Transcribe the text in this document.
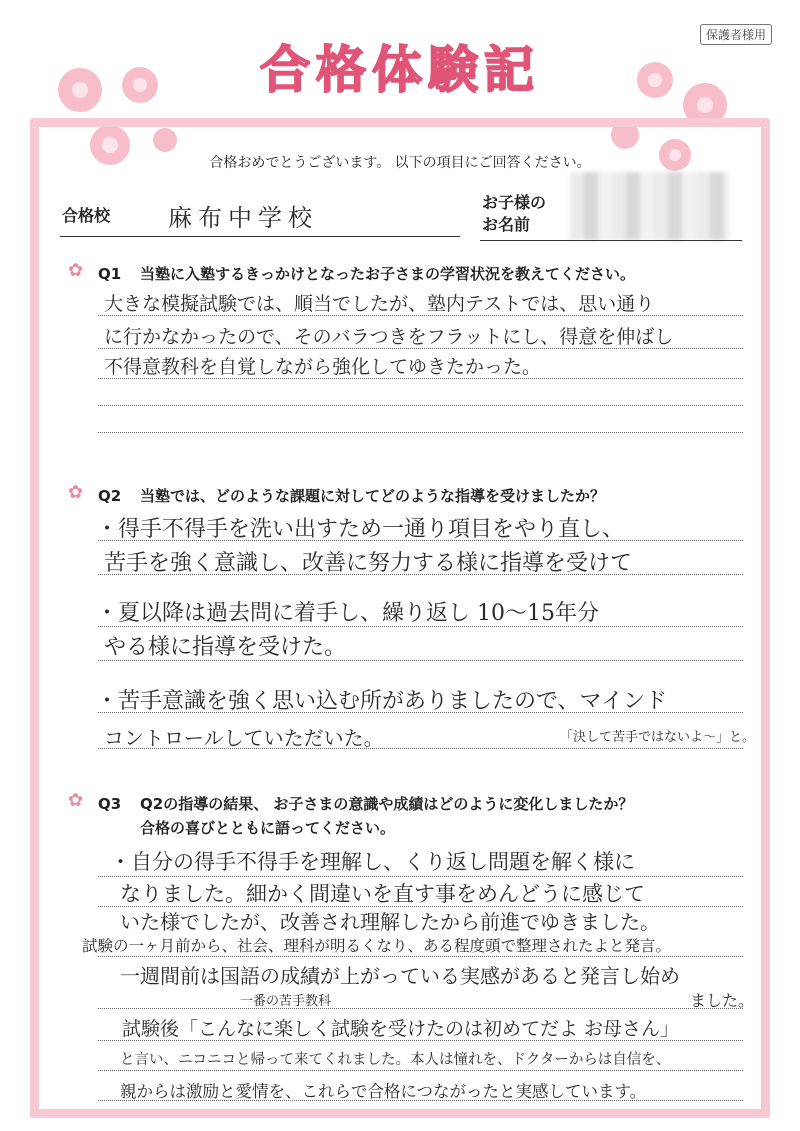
保護者様用
合格体験記
合格おめでとうございます。 以下の項目にご回答ください。
合格校 麻布中学校
お子様の
お名前
✿ Q1 当塾に入塾するきっかけとなったお子さまの学習状況を教えてください。
大きな模擬試験では、順当でしたが、塾内テストでは、思い通り
に行かなかったので、そのバラつきをフラットにし、得意を伸ばし
不得意教科を自覚しながら強化してゆきたかった。
✿ Q2 当塾では、どのような課題に対してどのような指導を受けましたか？
・得手不得手を洗い出すため一通り項目をやり直し、
苦手を強く意識し、改善に努力する様に指導を受けて
・夏以降は過去問に着手し、繰り返し 10〜15年分
やる様に指導を受けた。
・苦手意識を強く思い込む所がありましたので、マインド
コントロールしていただいた。	「決して苦手ではないよ〜」と。
✿ Q3 Q2の指導の結果、 お子さまの意識や成績はどのように変化しましたか？
合格の喜びとともに語ってください。
・自分の得手不得手を理解し、くり返し問題を解く様に
なりました。細かく間違いを直す事をめんどうに感じて
いた様でしたが、改善され理解したから前進でゆきました。
試験の一ヶ月前から、社会、理科が明るくなり、ある程度頭で整理されたよと発言。
一週間前は国語の成績が上がっている実感があると発言し始め
ました。
一番の苦手教科
試験後「こんなに楽しく試験を受けたのは初めてだよ お母さん」
と言い、ニコニコと帰って来てくれました。本人は憧れを、ドクターからは自信を、
親からは激励と愛情を、これらで合格につながったと実感しています。
